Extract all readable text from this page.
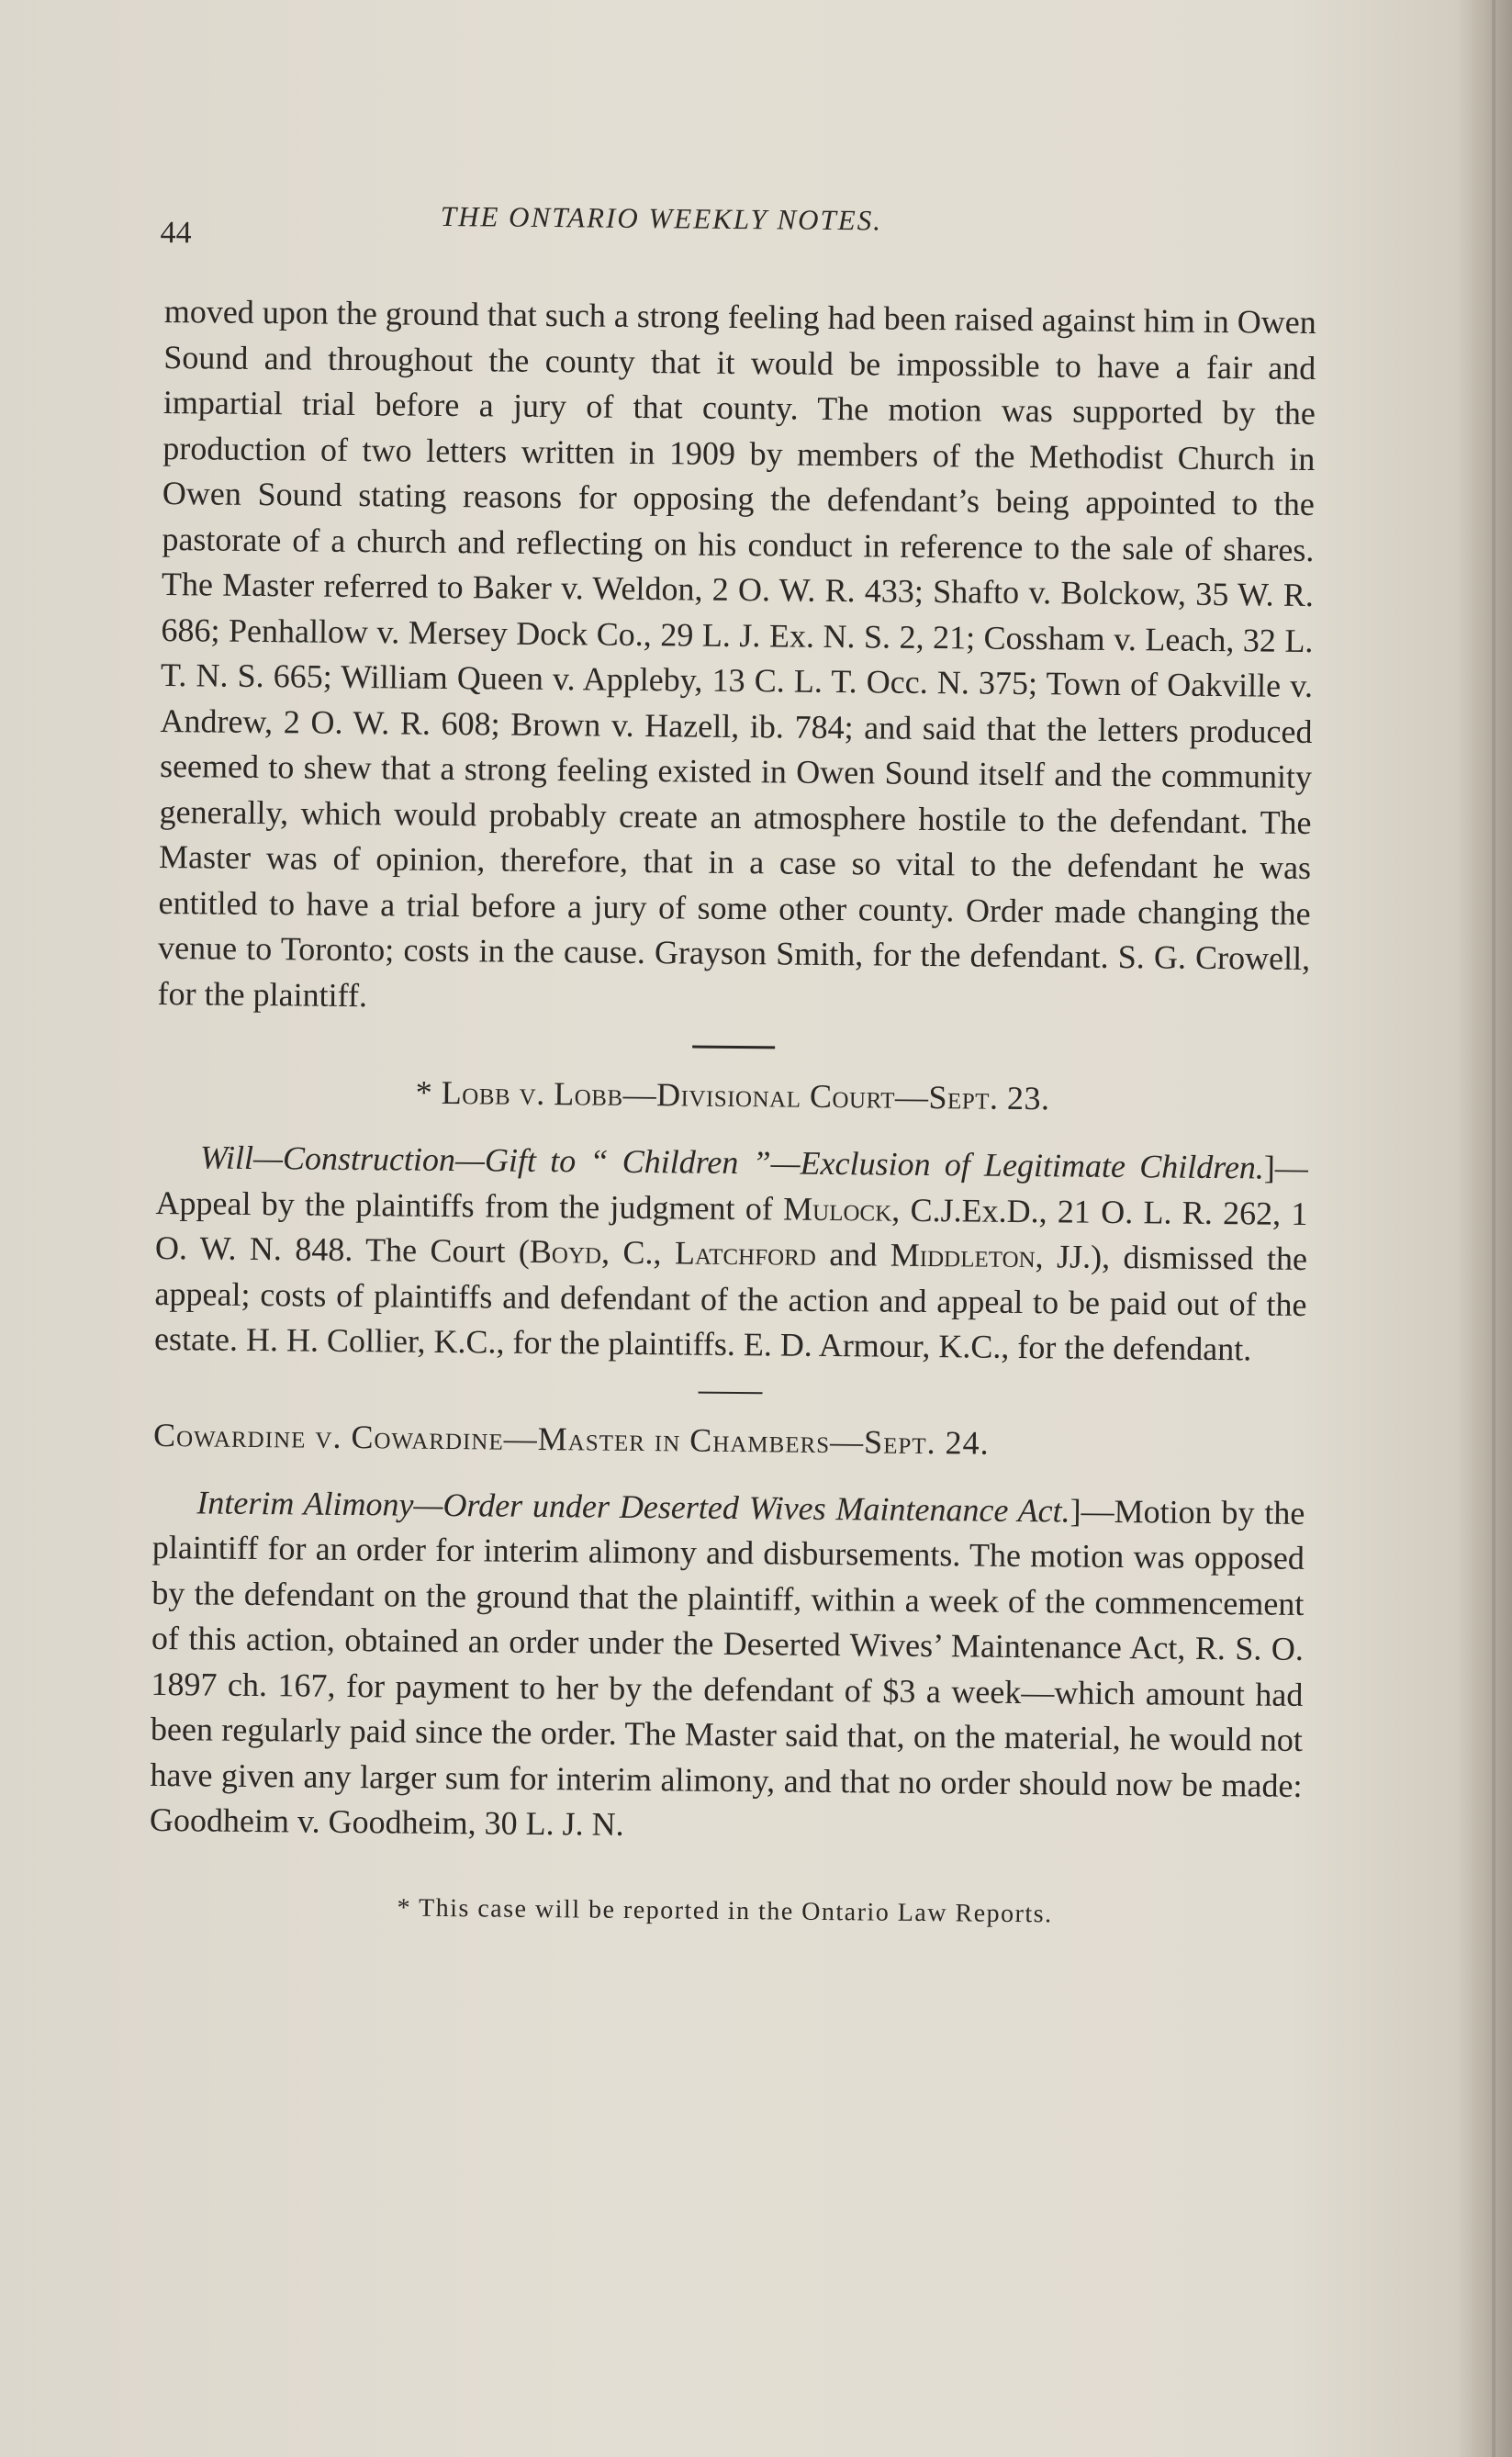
44	THE ONTARIO WEEKLY NOTES.

moved upon the ground that such a strong feeling had been raised against him in Owen Sound and throughout the county that it would be impossible to have a fair and impartial trial before a jury of that county. The motion was supported by the production of two letters written in 1909 by members of the Methodist Church in Owen Sound stating reasons for opposing the defendant’s being appointed to the pastorate of a church and reflecting on his conduct in reference to the sale of shares. The Master referred to Baker v. Weldon, 2 O. W. R. 433; Shafto v. Bolckow, 35 W. R. 686; Penhallow v. Mersey Dock Co., 29 L. J. Ex. N. S. 2, 21; Cossham v. Leach, 32 L. T. N. S. 665; William Queen v. Appleby, 13 C. L. T. Occ. N. 375; Town of Oakville v. Andrew, 2 O. W. R. 608; Brown v. Hazell, ib. 784; and said that the letters produced seemed to shew that a strong feeling existed in Owen Sound itself and the community generally, which would probably create an atmosphere hostile to the defendant. The Master was of opinion, therefore, that in a case so vital to the defendant he was entitled to have a trial before a jury of some other county. Order made changing the venue to Toronto; costs in the cause. Grayson Smith, for the defendant. S. G. Crowell, for the plaintiff.

* Lobb v. Lobb—Divisional Court—Sept. 23.

Will—Construction—Gift to “ Children ”—Exclusion of Legitimate Children.]—Appeal by the plaintiffs from the judgment of Mulock, C.J.Ex.D., 21 O. L. R. 262, 1 O. W. N. 848. The Court (Boyd, C., Latchford and Middleton, JJ.), dismissed the appeal; costs of plaintiffs and defendant of the action and appeal to be paid out of the estate. H. H. Collier, K.C., for the plaintiffs. E. D. Armour, K.C., for the defendant.

Cowardine v. Cowardine—Master in Chambers—Sept. 24.

Interim Alimony—Order under Deserted Wives Maintenance Act.]—Motion by the plaintiff for an order for interim alimony and disbursements. The motion was opposed by the defendant on the ground that the plaintiff, within a week of the commencement of this action, obtained an order under the Deserted Wives’ Maintenance Act, R. S. O. 1897 ch. 167, for payment to her by the defendant of $3 a week—which amount had been regularly paid since the order. The Master said that, on the material, he would not have given any larger sum for interim alimony, and that no order should now be made: Goodheim v. Goodheim, 30 L. J. N.

* This case will be reported in the Ontario Law Reports.
